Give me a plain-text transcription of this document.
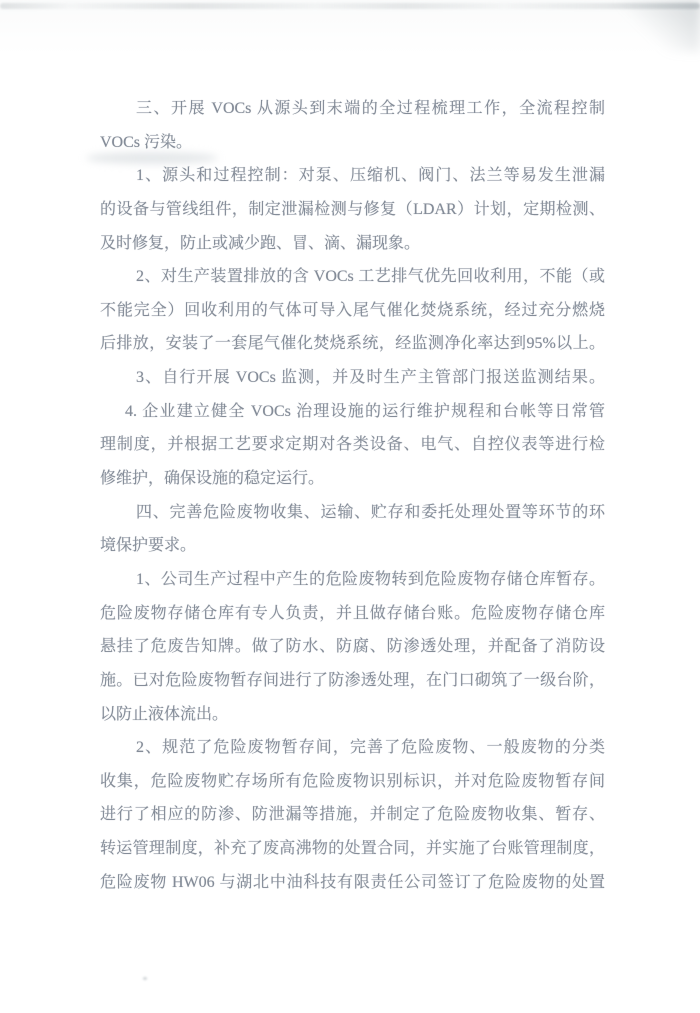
三、开展 VOCs 从源头到末端的全过程梳理工作，全流程控制
VOCs 污染。
1、源头和过程控制：对泵、压缩机、阀门、法兰等易发生泄漏
的设备与管线组件，制定泄漏检测与修复（LDAR）计划，定期检测、
及时修复，防止或减少跑、冒、滴、漏现象。
2、对生产装置排放的含 VOCs 工艺排气优先回收利用，不能（或
不能完全）回收利用的气体可导入尾气催化焚烧系统，经过充分燃烧
后排放，安装了一套尾气催化焚烧系统，经监测净化率达到95%以上。
3、自行开展 VOCs 监测，并及时生产主管部门报送监测结果。
4. 企业建立健全 VOCs 治理设施的运行维护规程和台帐等日常管
理制度，并根据工艺要求定期对各类设备、电气、自控仪表等进行检
修维护，确保设施的稳定运行。
四、完善危险废物收集、运输、贮存和委托处理处置等环节的环
境保护要求。
1、公司生产过程中产生的危险废物转到危险废物存储仓库暂存。
危险废物存储仓库有专人负责，并且做存储台账。危险废物存储仓库
悬挂了危废告知牌。做了防水、防腐、防渗透处理，并配备了消防设
施。已对危险废物暂存间进行了防渗透处理，在门口砌筑了一级台阶，
以防止液体流出。
2、规范了危险废物暂存间，完善了危险废物、一般废物的分类
收集，危险废物贮存场所有危险废物识别标识，并对危险废物暂存间
进行了相应的防渗、防泄漏等措施，并制定了危险废物收集、暂存、
转运管理制度，补充了废高沸物的处置合同，并实施了台账管理制度，
危险废物 HW06 与湖北中油科技有限责任公司签订了危险废物的处置
